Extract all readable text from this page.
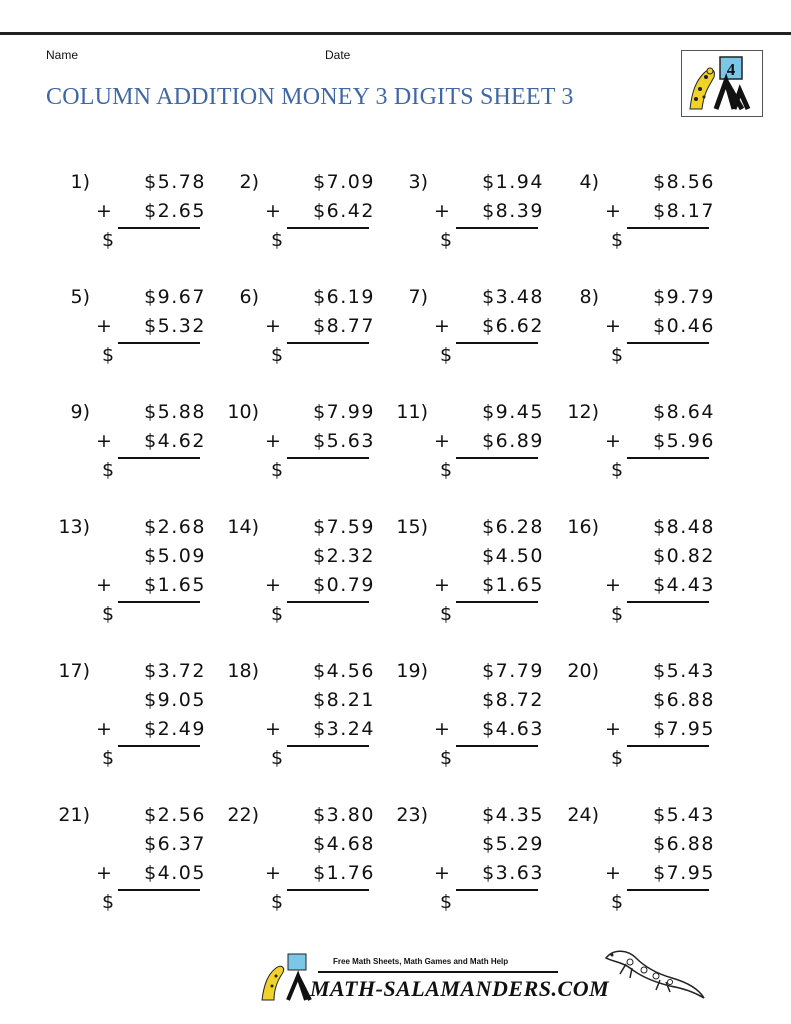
Name	Date
COLUMN ADDITION MONEY 3 DIGITS SHEET 3
4
1)	$5.78
+ $2.65
$
2)	$7.09
+ $6.42
$
3)	$1.94
+ $8.39
$
4)	$8.56
+ $8.17
$
5)	$9.67
+ $5.32
$
6)	$6.19
+ $8.77
$
7)	$3.48
+ $6.62
$
8)	$9.79
+ $0.46
$
9)	$5.88
+ $4.62
$
10)	$7.99
+ $5.63
$
11)	$9.45
+ $6.89
$
12)	$8.64
+ $5.96
$
13)	$2.68
$5.09
+ $1.65
$
14)	$7.59
$2.32
+ $0.79
$
15)	$6.28
$4.50
+ $1.65
$
16)	$8.48
$0.82
+ $4.43
$
17)	$3.72
$9.05
+ $2.49
$
18)	$4.56
$8.21
+ $3.24
$
19)	$7.79
$8.72
+ $4.63
$
20)	$5.43
$6.88
+ $7.95
$
21)	$2.56
$6.37
+ $4.05
$
22)	$3.80
$4.68
+ $1.76
$
23)	$4.35
$5.29
+ $3.63
$
24)	$5.43
$6.88
+ $7.95
$
Free Math Sheets, Math Games and Math Help
MATH-SALAMANDERS.COM
